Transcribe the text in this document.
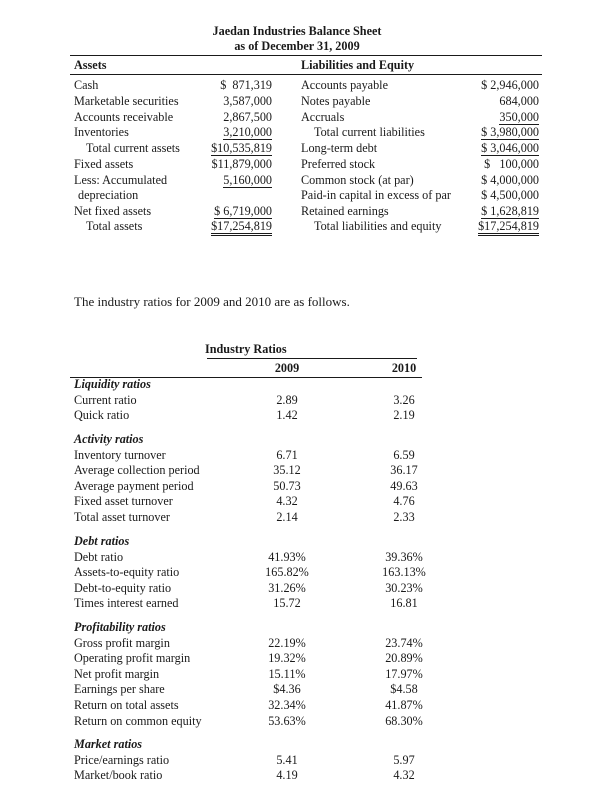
Jaedan Industries Balance Sheet
as of December 31, 2009
Assets	Liabilities and Equity
Cash	$  871,319
Marketable securities	3,587,000
Accounts receivable	2,867,500
Inventories	3,210,000
Total current assets	$10,535,819
Fixed assets	$11,879,000
Less: Accumulated	5,160,000
depreciation
Net fixed assets	$ 6,719,000
Total assets	$17,254,819
Accounts payable	$ 2,946,000
Notes payable	684,000
Accruals	350,000
Total current liabilities	$ 3,980,000
Long-term debt	$ 3,046,000
Preferred stock	$   100,000
Common stock (at par)	$ 4,000,000
Paid-in capital in excess of par	$ 4,500,000
Retained earnings	$ 1,628,819
Total liabilities and equity	$17,254,819
The industry ratios for 2009 and 2010 are as follows.
Industry Ratios
2009	2010
Liquidity ratios
Current ratio	2.89	3.26
Quick ratio	1.42	2.19
Activity ratios
Inventory turnover	6.71	6.59
Average collection period	35.12	36.17
Average payment period	50.73	49.63
Fixed asset turnover	4.32	4.76
Total asset turnover	2.14	2.33
Debt ratios
Debt ratio	41.93%	39.36%
Assets-to-equity ratio	165.82%	163.13%
Debt-to-equity ratio	31.26%	30.23%
Times interest earned	15.72	16.81
Profitability ratios
Gross profit margin	22.19%	23.74%
Operating profit margin	19.32%	20.89%
Net profit margin	15.11%	17.97%
Earnings per share	$4.36	$4.58
Return on total assets	32.34%	41.87%
Return on common equity	53.63%	68.30%
Market ratios
Price/earnings ratio	5.41	5.97
Market/book ratio	4.19	4.32
